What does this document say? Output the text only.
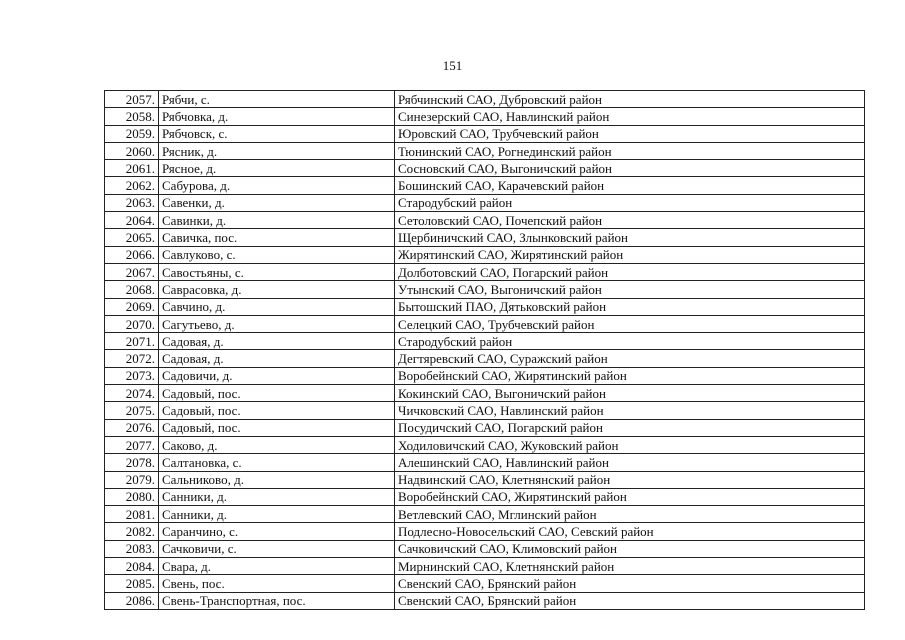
151
2057.	Рябчи, с.	Рябчинский САО, Дубровский район
2058.	Рябчовка, д.	Синезерский САО, Навлинский район
2059.	Рябчовск, с.	Юровский САО, Трубчевский район
2060.	Рясник, д.	Тюнинский САО, Рогнединский район
2061.	Рясное, д.	Сосновский САО, Выгоничский район
2062.	Сабурова, д.	Бошинский САО, Карачевский район
2063.	Савенки, д.	Стародубский район
2064.	Савинки, д.	Сетоловский САО, Почепский район
2065.	Савичка, пос.	Щербиничский САО, Злынковский район
2066.	Савлуково, с.	Жирятинский САО, Жирятинский район
2067.	Савостьяны, с.	Долботовский САО, Погарский район
2068.	Саврасовка, д.	Утынский САО, Выгоничский район
2069.	Савчино, д.	Бытошский ПАО, Дятьковский район
2070.	Сагутьево, д.	Селецкий САО, Трубчевский район
2071.	Садовая, д.	Стародубский район
2072.	Садовая, д.	Дегтяревский САО, Суражский район
2073.	Садовичи, д.	Воробейнский САО, Жирятинский район
2074.	Садовый, пос.	Кокинский САО, Выгоничский район
2075.	Садовый, пос.	Чичковский САО, Навлинский район
2076.	Садовый, пос.	Посудичский САО, Погарский район
2077.	Саково, д.	Ходиловичский САО, Жуковский район
2078.	Салтановка, с.	Алешинский САО, Навлинский район
2079.	Сальниково, д.	Надвинский САО, Клетнянский район
2080.	Санники, д.	Воробейнский САО, Жирятинский район
2081.	Санники, д.	Ветлевский САО, Мглинский район
2082.	Саранчино, с.	Подлесно-Новосельский САО, Севский район
2083.	Сачковичи, с.	Сачковичский САО, Климовский район
2084.	Свара, д.	Мирнинский САО, Клетнянский район
2085.	Свень, пос.	Свенский САО, Брянский район
2086.	Свень-Транспортная, пос.	Свенский САО, Брянский район
